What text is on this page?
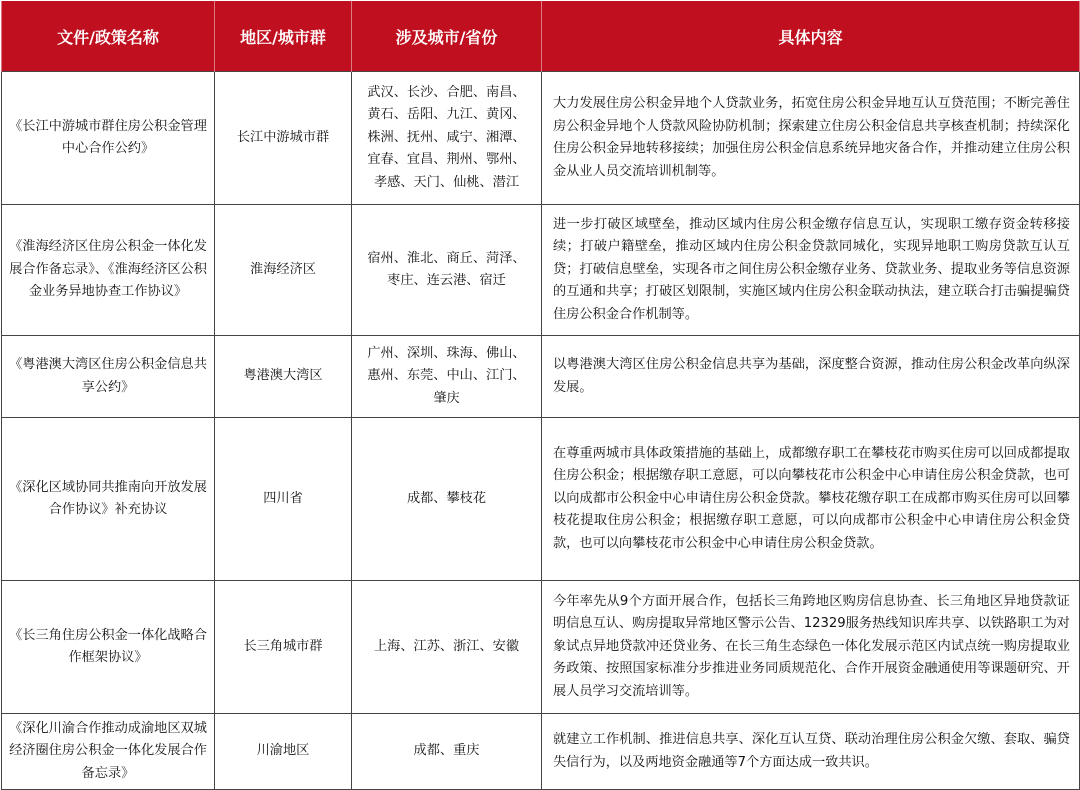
文件/政策名称	地区/城市群	涉及城市/省份	具体内容
《长江中游城市群住房公积金管理中心合作公约》	长江中游城市群	武汉、长沙、合肥、南昌、黄石、岳阳、九江、黄冈、株洲、抚州、咸宁、湘潭、宜春、宜昌、荆州、鄂州、孝感、天门、仙桃、潜江	大力发展住房公积金异地个人贷款业务，拓宽住房公积金异地互认互贷范围；不断完善住房公积金异地个人贷款风险协防机制；探索建立住房公积金信息共享核查机制；持续深化住房公积金异地转移接续；加强住房公积金信息系统异地灾备合作，并推动建立住房公积金从业人员交流培训机制等。
《淮海经济区住房公积金一体化发展合作备忘录》、《淮海经济区公积金业务异地协查工作协议》	淮海经济区	宿州、淮北、商丘、菏泽、枣庄、连云港、宿迁	进一步打破区域壁垒，推动区域内住房公积金缴存信息互认，实现职工缴存资金转移接续；打破户籍壁垒，推动区域内住房公积金贷款同城化，实现异地职工购房贷款互认互贷；打破信息壁垒，实现各市之间住房公积金缴存业务、贷款业务、提取业务等信息资源的互通和共享；打破区划限制，实施区域内住房公积金联动执法，建立联合打击骗提骗贷住房公积金合作机制等。
《粤港澳大湾区住房公积金信息共享公约》	粤港澳大湾区	广州、深圳、珠海、佛山、惠州、东莞、中山、江门、肇庆	以粤港澳大湾区住房公积金信息共享为基础，深度整合资源，推动住房公积金改革向纵深发展。
《深化区域协同共推南向开放发展合作协议》补充协议	四川省	成都、攀枝花	在尊重两城市具体政策措施的基础上，成都缴存职工在攀枝花市购买住房可以回成都提取住房公积金；根据缴存职工意愿，可以向攀枝花市公积金中心申请住房公积金贷款，也可以向成都市公积金中心申请住房公积金贷款。攀枝花缴存职工在成都市购买住房可以回攀枝花提取住房公积金；根据缴存职工意愿，可以向成都市公积金中心申请住房公积金贷款，也可以向攀枝花市公积金中心申请住房公积金贷款。
《长三角住房公积金一体化战略合作框架协议》	长三角城市群	上海、江苏、浙江、安徽	今年率先从9个方面开展合作，包括长三角跨地区购房信息协查、长三角地区异地贷款证明信息互认、购房提取异常地区警示公告、12329服务热线知识库共享、以铁路职工为对象试点异地贷款冲还贷业务、在长三角生态绿色一体化发展示范区内试点统一购房提取业务政策、按照国家标准分步推进业务同质规范化、合作开展资金融通使用等课题研究、开展人员学习交流培训等。
《深化川渝合作推动成渝地区双城经济圈住房公积金一体化发展合作备忘录》	川渝地区	成都、重庆	就建立工作机制、推进信息共享、深化互认互贷、联动治理住房公积金欠缴、套取、骗贷失信行为，以及两地资金融通等7个方面达成一致共识。
